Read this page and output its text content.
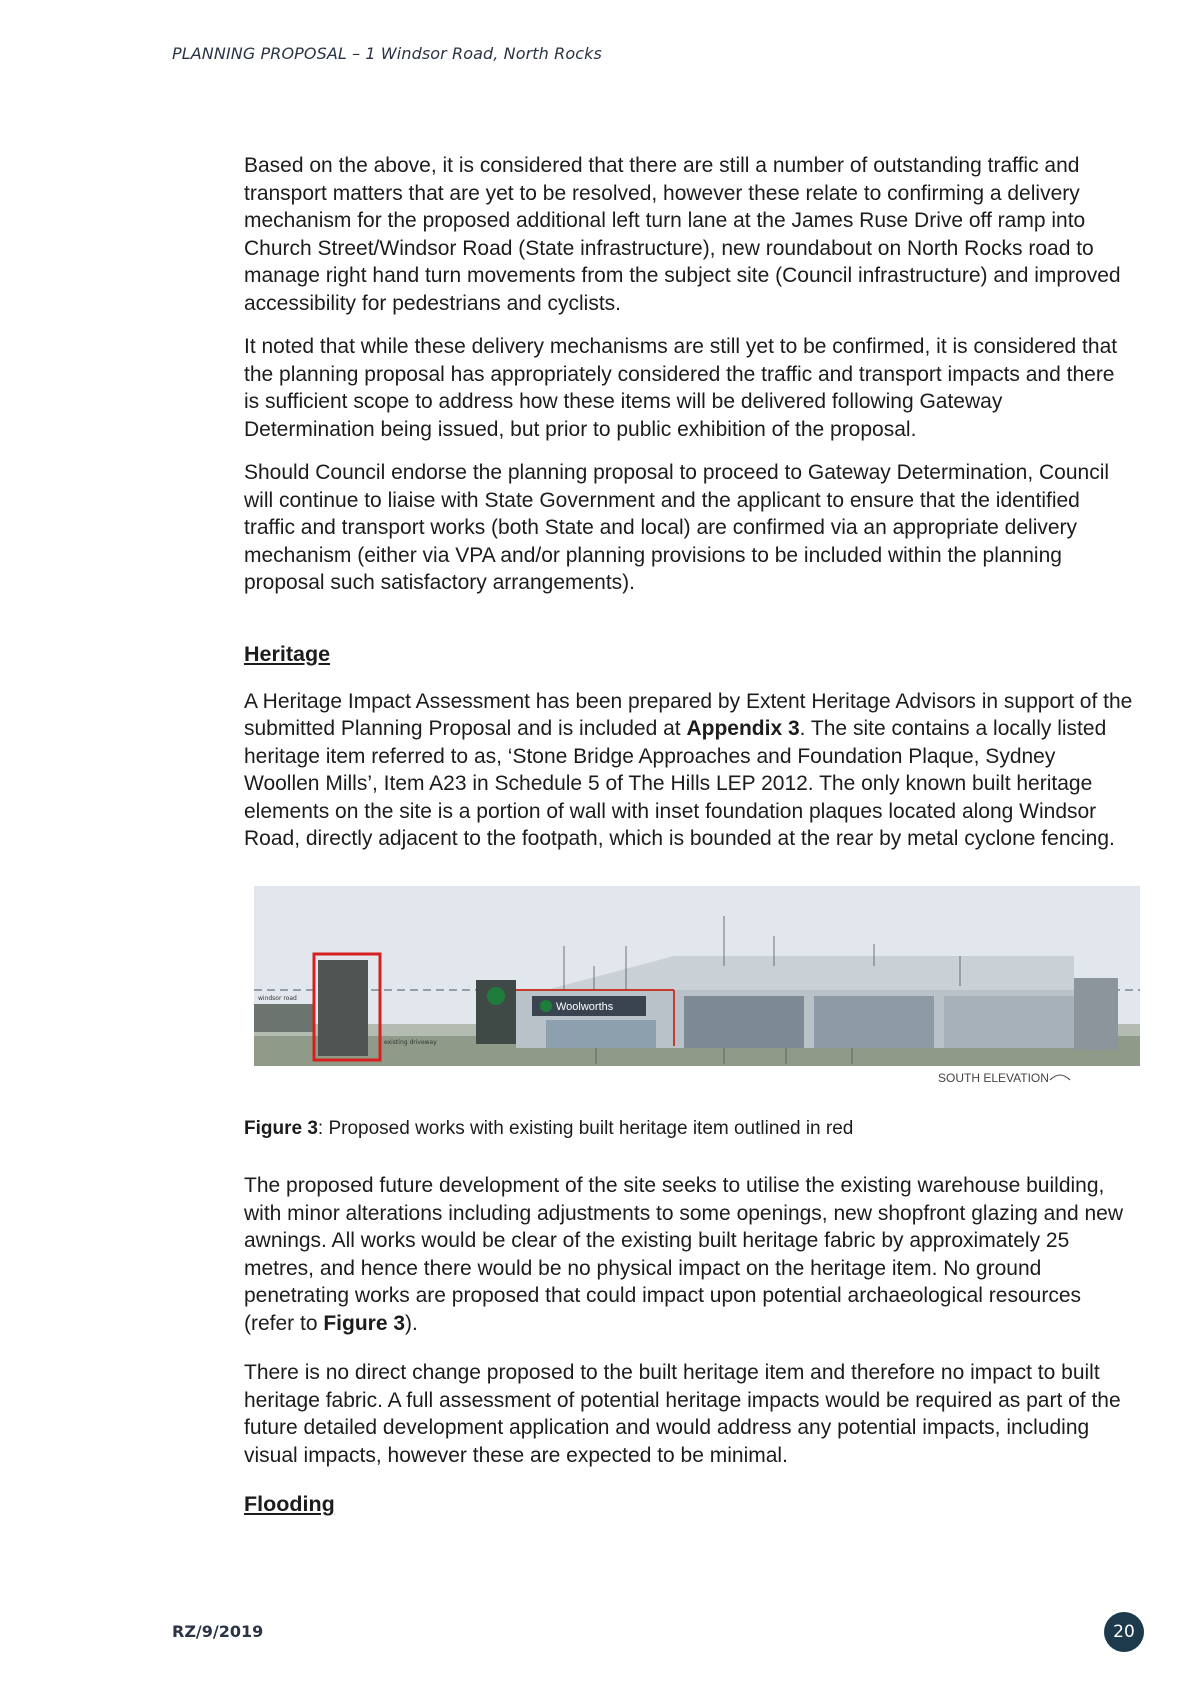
PLANNING PROPOSAL – 1 Windsor Road, North Rocks

Based on the above, it is considered that there are still a number of outstanding traffic and transport matters that are yet to be resolved, however these relate to confirming a delivery mechanism for the proposed additional left turn lane at the James Ruse Drive off ramp into Church Street/Windsor Road (State infrastructure), new roundabout on North Rocks road to manage right hand turn movements from the subject site (Council infrastructure) and improved accessibility for pedestrians and cyclists.

It noted that while these delivery mechanisms are still yet to be confirmed, it is considered that the planning proposal has appropriately considered the traffic and transport impacts and there is sufficient scope to address how these items will be delivered following Gateway Determination being issued, but prior to public exhibition of the proposal.

Should Council endorse the planning proposal to proceed to Gateway Determination, Council will continue to liaise with State Government and the applicant to ensure that the identified traffic and transport works (both State and local) are confirmed via an appropriate delivery mechanism (either via VPA and/or planning provisions to be included within the planning proposal such satisfactory arrangements).

Heritage

A Heritage Impact Assessment has been prepared by Extent Heritage Advisors in support of the submitted Planning Proposal and is included at Appendix 3. The site contains a locally listed heritage item referred to as, ‘Stone Bridge Approaches and Foundation Plaque, Sydney Woollen Mills’, Item A23 in Schedule 5 of The Hills LEP 2012. The only known built heritage elements on the site is a portion of wall with inset foundation plaques located along Windsor Road, directly adjacent to the footpath, which is bounded at the rear by metal cyclone fencing.

windsor road
existing driveway
Woolworths
SOUTH ELEVATION
Figure 3: Proposed works with existing built heritage item outlined in red

The proposed future development of the site seeks to utilise the existing warehouse building, with minor alterations including adjustments to some openings, new shopfront glazing and new awnings. All works would be clear of the existing built heritage fabric by approximately 25 metres, and hence there would be no physical impact on the heritage item. No ground penetrating works are proposed that could impact upon potential archaeological resources (refer to Figure 3).

There is no direct change proposed to the built heritage item and therefore no impact to built heritage fabric. A full assessment of potential heritage impacts would be required as part of the future detailed development application and would address any potential impacts, including visual impacts, however these are expected to be minimal.

Flooding
RZ/9/2019	20
